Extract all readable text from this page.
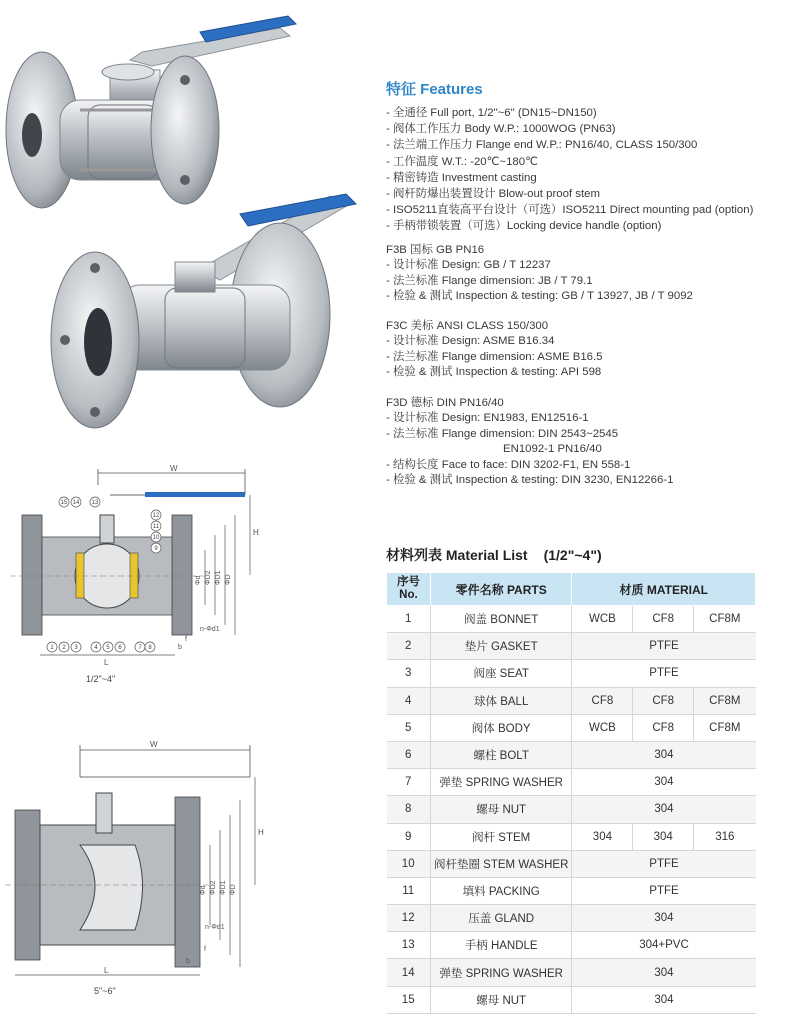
W
Φd ΦD2 ΦD1 ΦD
H
L
n-Φd1
b
f
15 14 13
12
11
10
9
1 2 3	4 5 6	7 8
1/2"~4"
W
Φd ΦD2 ΦD1 ΦD
H
L
n-Φd1
b
f
5"~6"
特征 Features
- 全通径 Full port, 1/2"~6" (DN15~DN150)
- 阀体工作压力 Body W.P.: 1000WOG (PN63)
- 法兰端工作压力 Flange end W.P.: PN16/40, CLASS 150/300
- 工作温度 W.T.: -20℃~180℃
- 精密铸造 Investment casting
- 阀杆防爆出装置设计 Blow-out proof stem
- ISO5211直装高平台设计（可选）ISO5211 Direct mounting pad (option)
- 手柄带锁装置（可选）Locking device handle (option)

F3B 国标 GB PN16

- 设计标准 Design: GB / T 12237
- 法兰标准 Flange dimension: JB / T 79.1
- 检验 & 测试 Inspection & testing: GB / T 13927, JB / T 9092

F3C 美标 ANSI CLASS 150/300

- 设计标准 Design: ASME B16.34
- 法兰标准 Flange dimension: ASME B16.5
- 检验 & 测试 Inspection & testing: API 598

F3D 德标 DIN PN16/40

- 设计标准 Design: EN1983, EN12516-1
- 法兰标准 Flange dimension: DIN 2543~2545
EN1092-1 PN16/40
- 结构长度 Face to face: DIN 3202-F1, EN 558-1
- 检验 & 测试 Inspection & testing: DIN 3230, EN12266-1
材料列表 Material List (1/2"~4")
序号
No.	零件名称 PARTS	材质 MATERIAL		
1	阀盖 BONNET	WCB	CF8	CF8M
2	垫片 GASKET	PTFE		
3	阀座 SEAT	PTFE		
4	球体 BALL	CF8	CF8	CF8M
5	阀体 BODY	WCB	CF8	CF8M
6	螺柱 BOLT	304		
7	弹垫 SPRING WASHER	304		
8	螺母 NUT	304		
9	阀杆 STEM	304	304	316
10	阀杆垫圈 STEM WASHER	PTFE		
11	填料 PACKING	PTFE		
12	压盖 GLAND	304		
13	手柄 HANDLE	304+PVC		
14	弹垫 SPRING WASHER	304		
15	螺母 NUT	304		
